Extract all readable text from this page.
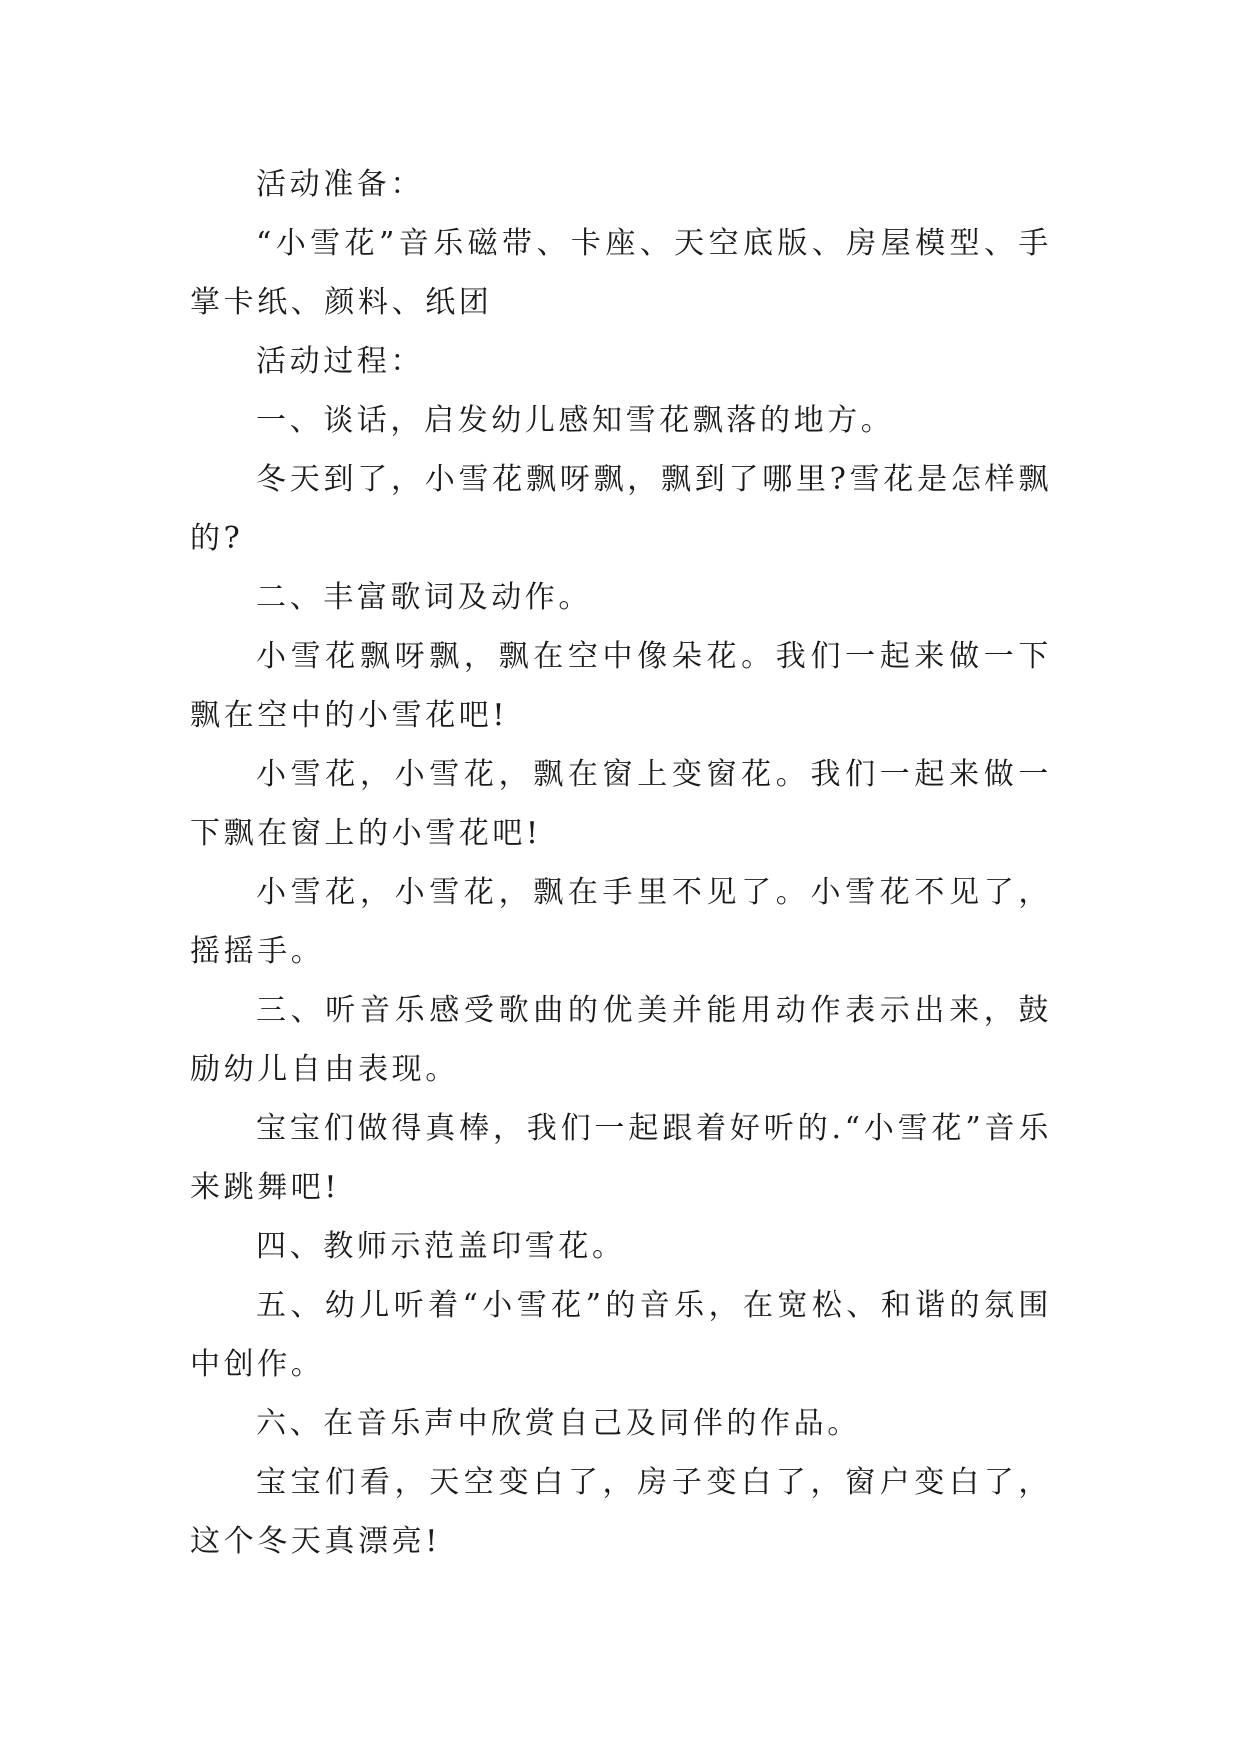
活动准备：

“小雪花”音乐磁带、卡座、天空底版、房屋模型、手掌卡纸、颜料、纸团

活动过程：

一、谈话，启发幼儿感知雪花飘落的地方。

冬天到了，小雪花飘呀飘，飘到了哪里?雪花是怎样飘的?

二、丰富歌词及动作。

小雪花飘呀飘，飘在空中像朵花。我们一起来做一下飘在空中的小雪花吧!

小雪花，小雪花，飘在窗上变窗花。我们一起来做一下飘在窗上的小雪花吧!

小雪花，小雪花，飘在手里不见了。小雪花不见了，摇摇手。

三、听音乐感受歌曲的优美并能用动作表示出来，鼓励幼儿自由表现。

宝宝们做得真棒，我们一起跟着好听的.“小雪花”音乐来跳舞吧!

四、教师示范盖印雪花。

五、幼儿听着“小雪花”的音乐，在宽松、和谐的氛围中创作。

六、在音乐声中欣赏自己及同伴的作品。

宝宝们看，天空变白了，房子变白了，窗户变白了，这个冬天真漂亮!
